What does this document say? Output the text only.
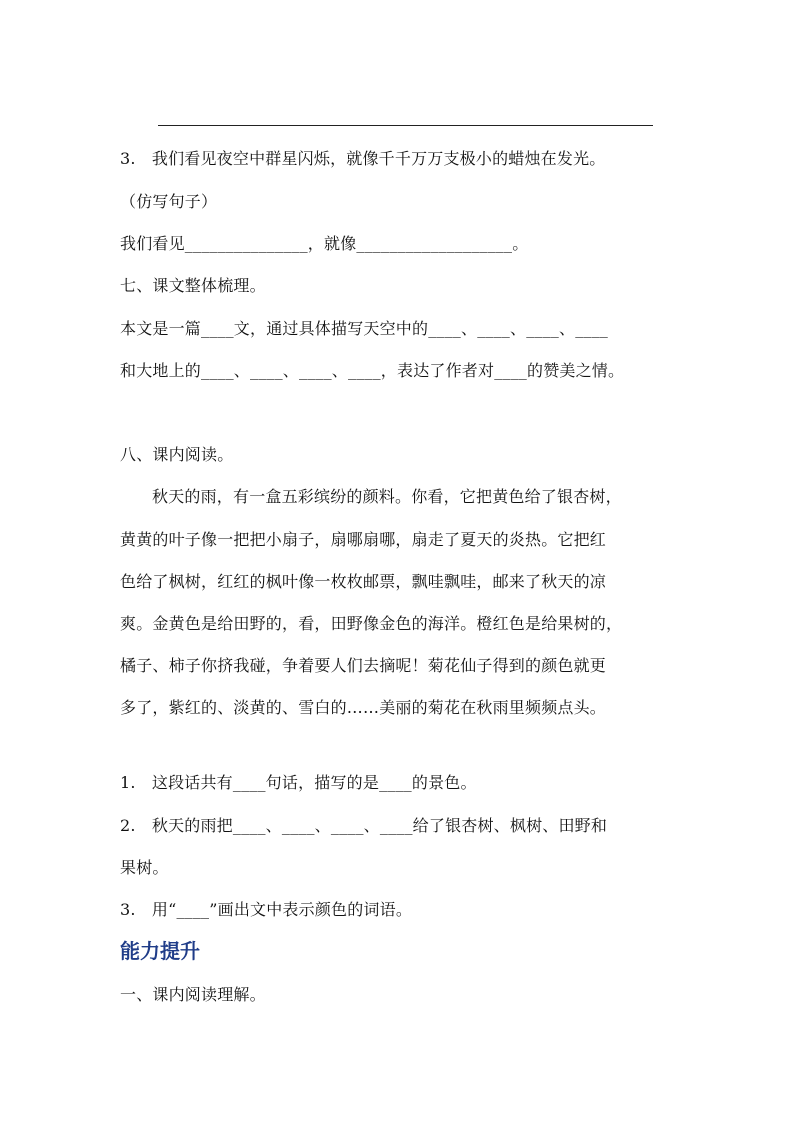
3.　我们看见夜空中群星闪烁，就像千千万万支极小的蜡烛在发光。
（仿写句子）
我们看见_______________，就像___________________。
七、课文整体梳理。
本文是一篇____文，通过具体描写天空中的____、____、____、____
和大地上的____、____、____、____，表达了作者对____的赞美之情。
八、课内阅读。
秋天的雨，有一盒五彩缤纷的颜料。你看，它把黄色给了银杏树，
黄黄的叶子像一把把小扇子，扇哪扇哪，扇走了夏天的炎热。它把红
色给了枫树，红红的枫叶像一枚枚邮票，飘哇飘哇，邮来了秋天的凉
爽。金黄色是给田野的，看，田野像金色的海洋。橙红色是给果树的，
橘子、柿子你挤我碰，争着要人们去摘呢！菊花仙子得到的颜色就更
多了，紫红的、淡黄的、雪白的……美丽的菊花在秋雨里频频点头。
1.　这段话共有____句话，描写的是____的景色。
2.　秋天的雨把____、____、____、____给了银杏树、枫树、田野和
果树。
3.　用“____”画出文中表示颜色的词语。
能力提升
一、课内阅读理解。
